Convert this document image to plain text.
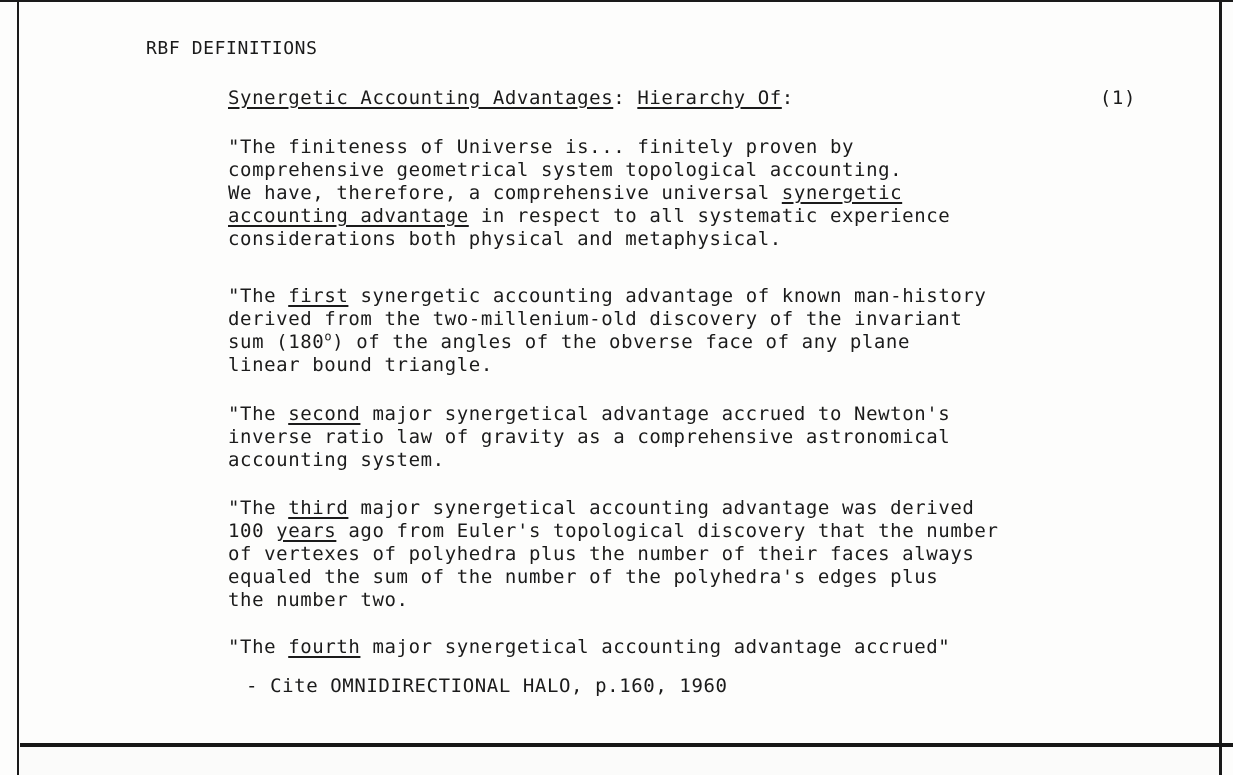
RBF DEFINITIONS
Synergetic Accounting Advantages: Hierarchy Of:	(1)
"The finiteness of Universe is... finitely proven by
comprehensive geometrical system topological accounting.
We have, therefore, a comprehensive universal synergetic
accounting advantage in respect to all systematic experience
considerations both physical and metaphysical.
"The first synergetic accounting advantage of known man-history
derived from the two-millenium-old discovery of the invariant
sum (180$^o$) of the angles of the obverse face of any plane
linear bound triangle.
"The second major synergetical advantage accrued to Newton's
inverse ratio law of gravity as a comprehensive astronomical
accounting system.
"The third major synergetical accounting advantage was derived
100 years ago from Euler's topological discovery that the number
of vertexes of polyhedra plus the number of their faces always
equaled the sum of the number of the polyhedra's edges plus
the number two.
"The fourth major synergetical accounting advantage accrued"
- Cite OMNIDIRECTIONAL HALO, p.160, 1960
